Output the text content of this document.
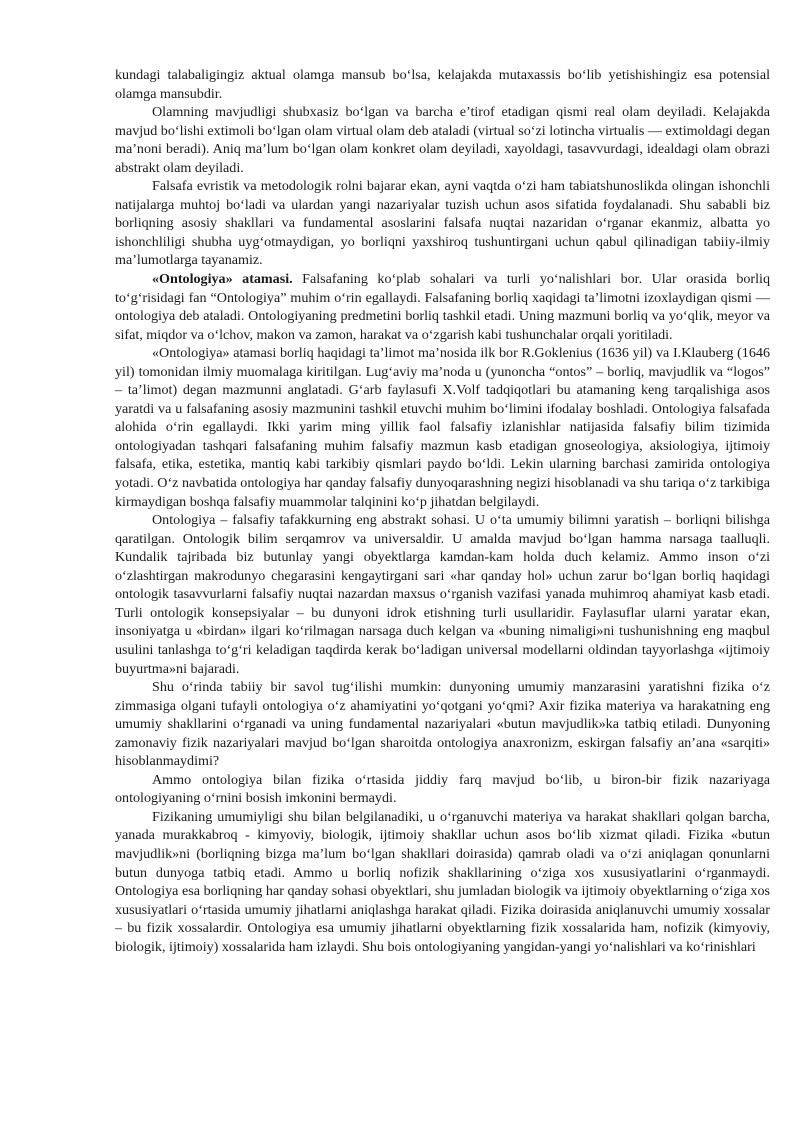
kundagi talabaligingiz aktual olamga mansub bo‘lsa, kelajakda mutaxassis bo‘lib yetishishingiz esa potensial olamga mansubdir.

Olamning mavjudligi shubxasiz bo‘lgan va barcha e’tirof etadigan qismi real olam deyiladi. Kelajakda mavjud bo‘lishi extimoli bo‘lgan olam virtual olam deb ataladi (virtual so‘zi lotincha virtualis — extimoldagi degan ma’noni beradi). Aniq ma’lum bo‘lgan olam konkret olam deyiladi, xayoldagi, tasavvurdagi, idealdagi olam obrazi abstrakt olam deyiladi.

Falsafa evristik va metodologik rolni bajarar ekan, ayni vaqtda o‘zi ham tabiatshunoslikda olingan ishonchli natijalarga muhtoj bo‘ladi va ulardan yangi nazariyalar tuzish uchun asos sifatida foydalanadi. Shu sababli biz borliqning asosiy shakllari va fundamental asoslarini falsafa nuqtai nazaridan o‘rganar ekanmiz, albatta yo ishonchliligi shubha uyg‘otmaydigan, yo borliqni yaxshiroq tushuntirgani uchun qabul qilinadigan tabiiy-ilmiy ma’lumotlarga tayanamiz.

«Ontologiya» atamasi. Falsafaning ko‘plab sohalari va turli yo‘nalishlari bor. Ular orasida borliq to‘g‘risidagi fan “Ontologiya” muhim o‘rin egallaydi. Falsafaning borliq xaqidagi ta’limotni izoxlaydigan qismi — ontologiya deb ataladi. Ontologiyaning predmetini borliq tashkil etadi. Uning mazmuni borliq va yo‘qlik, meyor va sifat, miqdor va o‘lchov, makon va zamon, harakat va o‘zgarish kabi tushunchalar orqali yoritiladi.

«Ontologiya» atamasi borliq haqidagi ta’limot ma’nosida ilk bor R.Goklenius (1636 yil) va I.Klauberg (1646 yil) tomonidan ilmiy muomalaga kiritilgan. Lug‘aviy ma’noda u (yunoncha “ontos” – borliq, mavjudlik va “logos” – ta’limot) degan mazmunni anglatadi. G‘arb faylasufi X.Volf tadqiqotlari bu atamaning keng tarqalishiga asos yaratdi va u falsafaning asosiy mazmunini tashkil etuvchi muhim bo‘limini ifodalay boshladi. Ontologiya falsafada alohida o‘rin egallaydi. Ikki yarim ming yillik faol falsafiy izlanishlar natijasida falsafiy bilim tizimida ontologiyadan tashqari falsafaning muhim falsafiy mazmun kasb etadigan gnoseologiya, aksiologiya, ijtimoiy falsafa, etika, estetika, mantiq kabi tarkibiy qismlari paydo bo‘ldi. Lekin ularning barchasi zamirida ontologiya yotadi. O‘z navbatida ontologiya har qanday falsafiy dunyoqarashning negizi hisoblanadi va shu tariqa o‘z tarkibiga kirmaydigan boshqa falsafiy muammolar talqinini ko‘p jihatdan belgilaydi.

Ontologiya – falsafiy tafakkurning eng abstrakt sohasi. U o‘ta umumiy bilimni yaratish – borliqni bilishga qaratilgan. Ontologik bilim serqamrov va universaldir. U amalda mavjud bo‘lgan hamma narsaga taalluqli. Kundalik tajribada biz butunlay yangi obyektlarga kamdan-kam holda duch kelamiz. Ammo inson o‘zi o‘zlashtirgan makrodunyo chegarasini kengaytirgani sari «har qanday hol» uchun zarur bo‘lgan borliq haqidagi ontologik tasavvurlarni falsafiy nuqtai nazardan maxsus o‘rganish vazifasi yanada muhimroq ahamiyat kasb etadi. Turli ontologik konsepsiyalar – bu dunyoni idrok etishning turli usullaridir. Faylasuflar ularni yaratar ekan, insoniyatga u «birdan» ilgari ko‘rilmagan narsaga duch kelgan va «buning nimaligi»ni tushunishning eng maqbul usulini tanlashga to‘g‘ri keladigan taqdirda kerak bo‘ladigan universal modellarni oldindan tayyorlashga «ijtimoiy buyurtma»ni bajaradi.

Shu o‘rinda tabiiy bir savol tug‘ilishi mumkin: dunyoning umumiy manzarasini yaratishni fizika o‘z zimmasiga olgani tufayli ontologiya o‘z ahamiyatini yo‘qotgani yo‘qmi? Axir fizika materiya va harakatning eng umumiy shakllarini o‘rganadi va uning fundamental nazariyalari «butun mavjudlik»ka tatbiq etiladi. Dunyoning zamonaviy fizik nazariyalari mavjud bo‘lgan sharoitda ontologiya anaxronizm, eskirgan falsafiy an’ana «sarqiti» hisoblanmaydimi?

Ammo ontologiya bilan fizika o‘rtasida jiddiy farq mavjud bo‘lib, u biron-bir fizik nazariyaga ontologiyaning o‘rnini bosish imkonini bermaydi.

Fizikaning umumiyligi shu bilan belgilanadiki, u o‘rganuvchi materiya va harakat shakllari qolgan barcha, yanada murakkabroq - kimyoviy, biologik, ijtimoiy shakllar uchun asos bo‘lib xizmat qiladi. Fizika «butun mavjudlik»ni (borliqning bizga ma’lum bo‘lgan shakllari doirasida) qamrab oladi va o‘zi aniqlagan qonunlarni butun dunyoga tatbiq etadi. Ammo u borliq nofizik shakllarining o‘ziga xos xususiyatlarini o‘rganmaydi. Ontologiya esa borliqning har qanday sohasi obyektlari, shu jumladan biologik va ijtimoiy obyektlarning o‘ziga xos xususiyatlari o‘rtasida umumiy jihatlarni aniqlashga harakat qiladi. Fizika doirasida aniqlanuvchi umumiy xossalar – bu fizik xossalardir. Ontologiya esa umumiy jihatlarni obyektlarning fizik xossalarida ham, nofizik (kimyoviy, biologik, ijtimoiy) xossalarida ham izlaydi. Shu bois ontologiyaning yangidan-yangi yo‘nalishlari va ko‘rinishlari
